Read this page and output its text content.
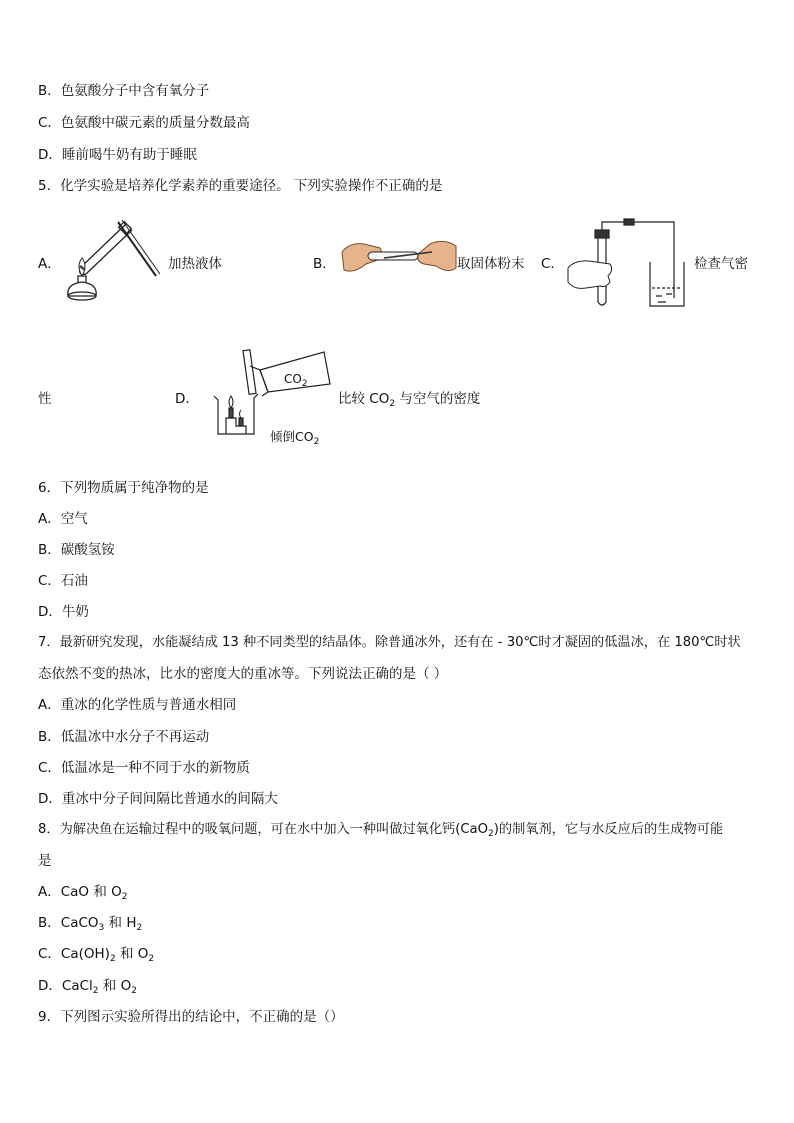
B．色氨酸分子中含有氧分子
C．色氨酸中碳元素的质量分数最高
D．睡前喝牛奶有助于睡眠
5．化学实验是培养化学素养的重要途径。 下列实验操作不正确的是
A．	加热液体	B．	取固体粉末 C．	检查气密
性	D．
$CO_2$
倾倒$CO_2$
比较 $CO_2$ 与空气的密度
6．下列物质属于纯净物的是
A．空气
B．碳酸氢铵
C．石油
D．牛奶
7．最新研究发现，水能凝结成 13 种不同类型的结晶体。除普通冰外，还有在 - 30℃时才凝固的低温冰，在 180℃时状
态依然不变的热冰，比水的密度大的重冰等。下列说法正确的是（ ）
A．重冰的化学性质与普通水相同
B．低温冰中水分子不再运动
C．低温冰是一种不同于水的新物质
D．重冰中分子间间隔比普通水的间隔大
8．为解决鱼在运输过程中的吸氧问题，可在水中加入一种叫做过氧化钙(CaO$_2$)的制氧剂，它与水反应后的生成物可能
是
A．CaO 和 $O_2$
B．CaCO$_3$ 和 $H_2$
C．$Ca(OH)_2$ 和 $O_2$
D．CaCl$_2$ 和 $O_2$
9．下列图示实验所得出的结论中，不正确的是（）
